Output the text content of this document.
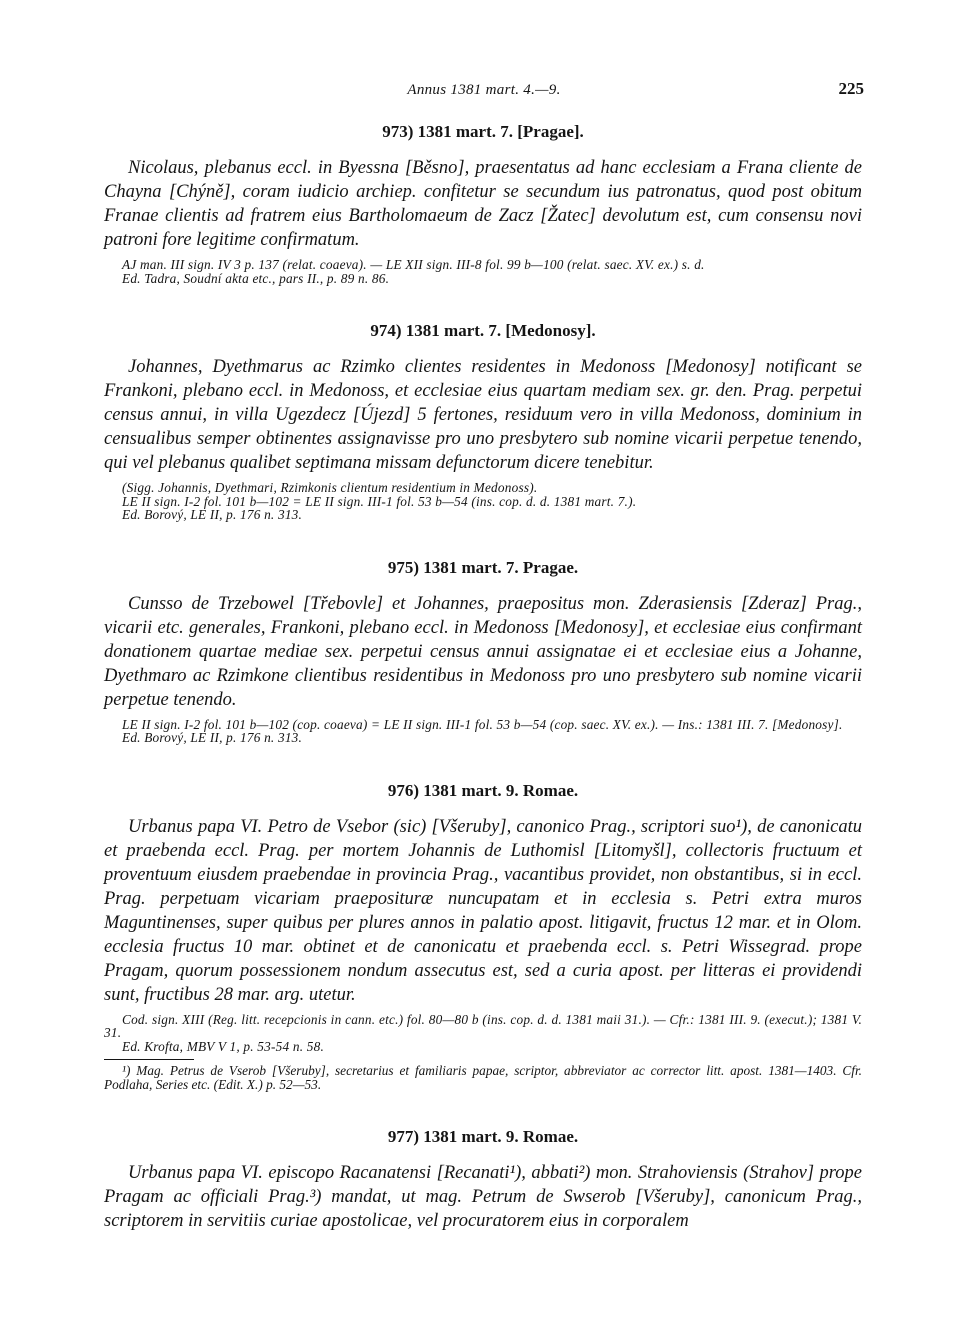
Annus 1381 mart. 4.—9.	225
973) 1381 mart. 7. [Pragae].

Nicolaus, plebanus eccl. in Byessna [Běsno], praesentatus ad hanc ecclesiam a Frana cliente de Chayna [Chýně], coram iudicio archiep. confitetur se secundum ius patronatus, quod post obitum Franae clientis ad fratrem eius Bartholomaeum de Zacz [Žatec] devolutum est, cum consensu novi patroni fore legitime confirmatum.

AJ man. III sign. IV 3 p. 137 (relat. coaeva). — LE XII sign. III-8 fol. 99 b—100 (relat. saec. XV. ex.) s. d.
Ed. Tadra, Soudní akta etc., pars II., p. 89 n. 86.
974) 1381 mart. 7. [Medonosy].

Johannes, Dyethmarus ac Rzimko clientes residentes in Medonoss [Medonosy] notificant se Frankoni, plebano eccl. in Medonoss, et ecclesiae eius quartam mediam sex. gr. den. Prag. perpetui census annui, in villa Ugezdecz [Újezd] 5 fertones, residuum vero in villa Medonoss, dominium in censualibus semper obtinentes assignavisse pro uno presbytero sub nomine vicarii perpetue tenendo, qui vel plebanus qualibet septimana missam defunctorum dicere tenebitur.

(Sigg. Johannis, Dyethmari, Rzimkonis clientum residentium in Medonoss).
LE II sign. I-2 fol. 101 b—102 = LE II sign. III-1 fol. 53 b—54 (ins. cop. d. d. 1381 mart. 7.).
Ed. Borový, LE II, p. 176 n. 313.
975) 1381 mart. 7. Pragae.

Cunsso de Trzebowel [Třebovle] et Johannes, praepositus mon. Zderasiensis [Zderaz] Prag., vicarii etc. generales, Frankoni, plebano eccl. in Medonoss [Medonosy], et ecclesiae eius confirmant donationem quartae mediae sex. perpetui census annui assignatae ei et ecclesiae eius a Johanne, Dyethmaro ac Rzimkone clientibus residentibus in Medonoss pro uno presbytero sub nomine vicarii perpetue tenendo.

LE II sign. I-2 fol. 101 b—102 (cop. coaeva) = LE II sign. III-1 fol. 53 b—54 (cop. saec. XV. ex.). — Ins.: 1381 III. 7. [Medonosy].
Ed. Borový, LE II, p. 176 n. 313.
976) 1381 mart. 9. Romae.

Urbanus papa VI. Petro de Vsebor (sic) [Všeruby], canonico Prag., scriptori suo¹), de canonicatu et praebenda eccl. Prag. per mortem Johannis de Luthomisl [Litomyšl], collectoris fructuum et proventuum eiusdem praebendae in provincia Prag., vacantibus providet, non obstantibus, si in eccl. Prag. perpetuam vicariam praeposituræ nuncupatam et in ecclesia s. Petri extra muros Maguntinenses, super quibus per plures annos in palatio apost. litigavit, fructus 12 mar. et in Olom. ecclesia fructus 10 mar. obtinet et de canonicatu et praebenda eccl. s. Petri Wissegrad. prope Pragam, quorum possessionem nondum assecutus est, sed a curia apost. per litteras ei providendi sunt, fructibus 28 mar. arg. utetur.

Cod. sign. XIII (Reg. litt. recepcionis in cann. etc.) fol. 80—80 b (ins. cop. d. d. 1381 maii 31.). — Cfr.: 1381 III. 9. (execut.); 1381 V. 31.
Ed. Krofta, MBV V 1, p. 53-54 n. 58.

¹) Mag. Petrus de Vserob [Všeruby], secretarius et familiaris papae, scriptor, abbreviator ac corrector litt. apost. 1381—1403. Cfr. Podlaha, Series etc. (Edit. X.) p. 52—53.

977) 1381 mart. 9. Romae.

Urbanus papa VI. episcopo Racanatensi [Recanati¹), abbati²) mon. Strahoviensis (Strahov] prope Pragam ac officiali Prag.³) mandat, ut mag. Petrum de Swserob [Všeruby], canonicum Prag., scriptorem in servitiis curiae apostolicae, vel procuratorem eius in corporalem
